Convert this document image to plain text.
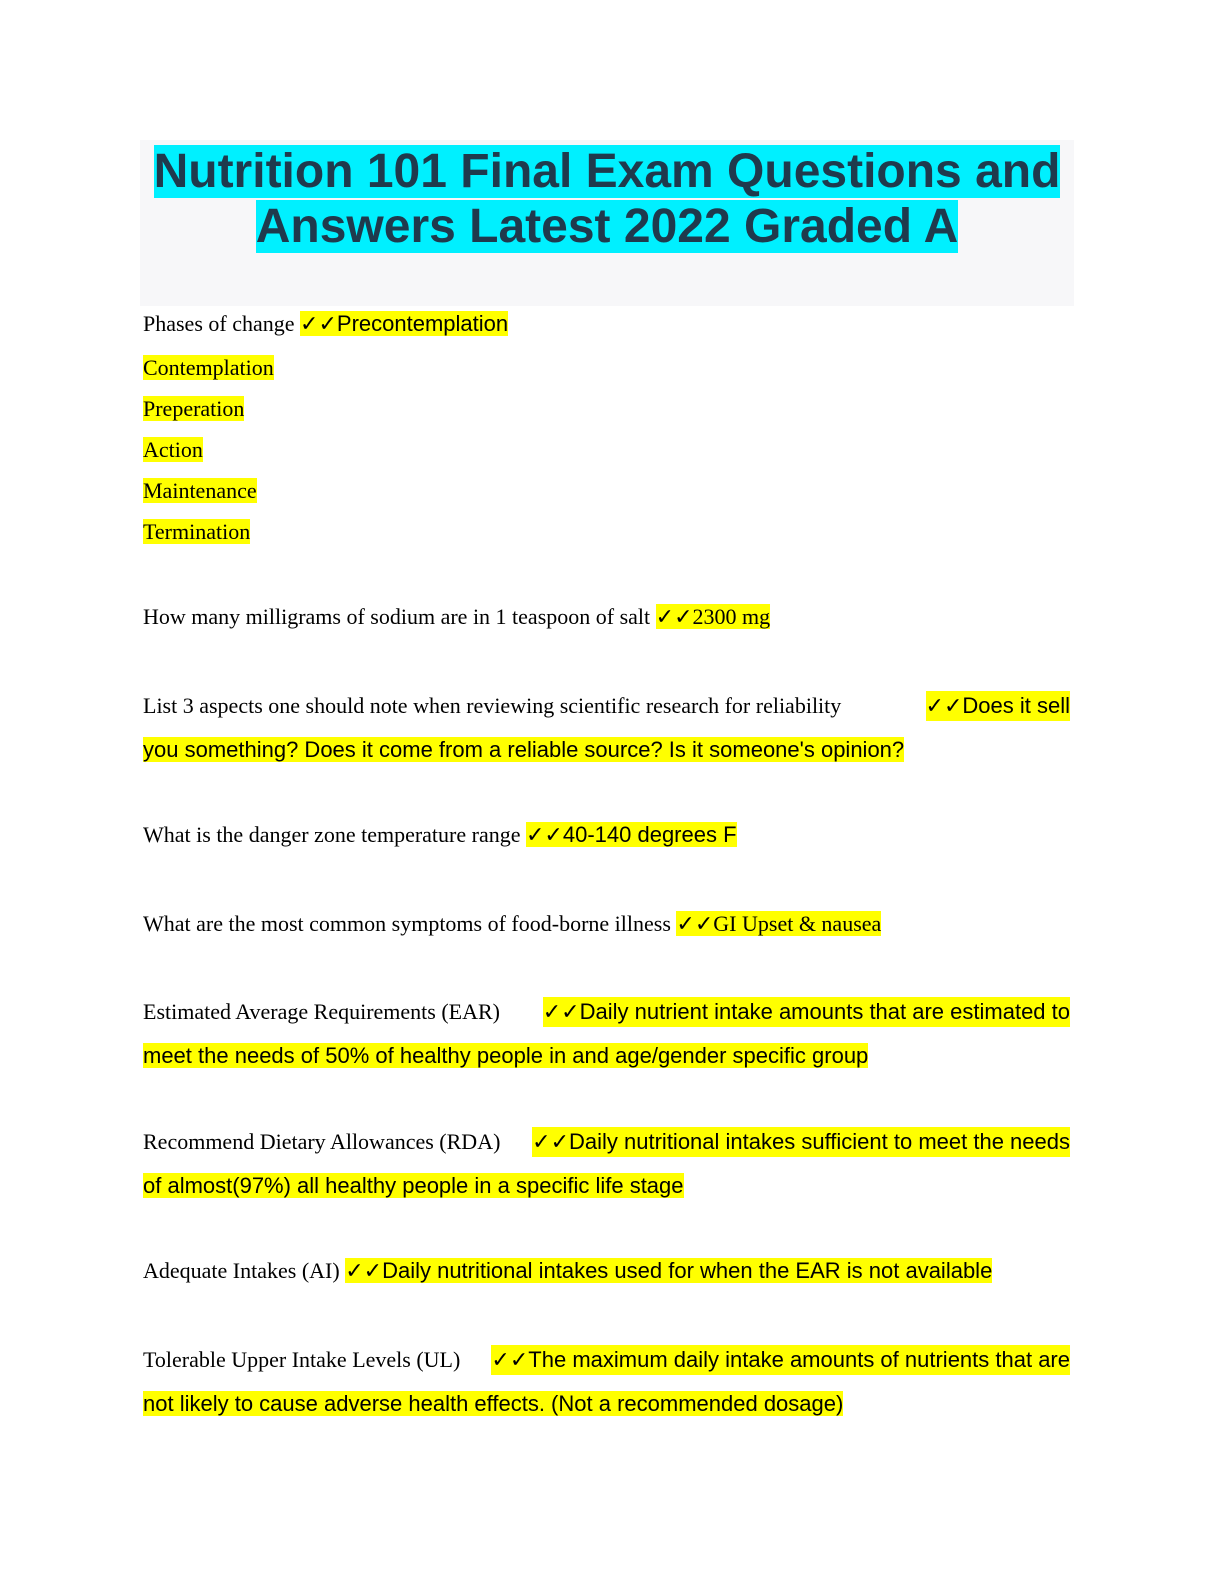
Nutrition 101 Final Exam Questions and
Answers Latest 2022 Graded A
Phases of change ✓✓Precontemplation
Contemplation
Preperation
Action
Maintenance
Termination
How many milligrams of sodium are in 1 teaspoon of salt ✓✓2300 mg
List 3 aspects one should note when reviewing scientific research for reliability	✓✓Does it sell
you something? Does it come from a reliable source? Is it someone's opinion?
What is the danger zone temperature range ✓✓40-140 degrees F
What are the most common symptoms of food-borne illness ✓✓GI Upset & nausea
Estimated Average Requirements (EAR) ✓✓Daily nutrient intake amounts that are estimated to
meet the needs of 50% of healthy people in and age/gender specific group
Recommend Dietary Allowances (RDA) ✓✓Daily nutritional intakes sufficient to meet the needs
of almost(97%) all healthy people in a specific life stage
Adequate Intakes (AI) ✓✓Daily nutritional intakes used for when the EAR is not available
Tolerable Upper Intake Levels (UL) ✓✓The maximum daily intake amounts of nutrients that are
not likely to cause adverse health effects. (Not a recommended dosage)
